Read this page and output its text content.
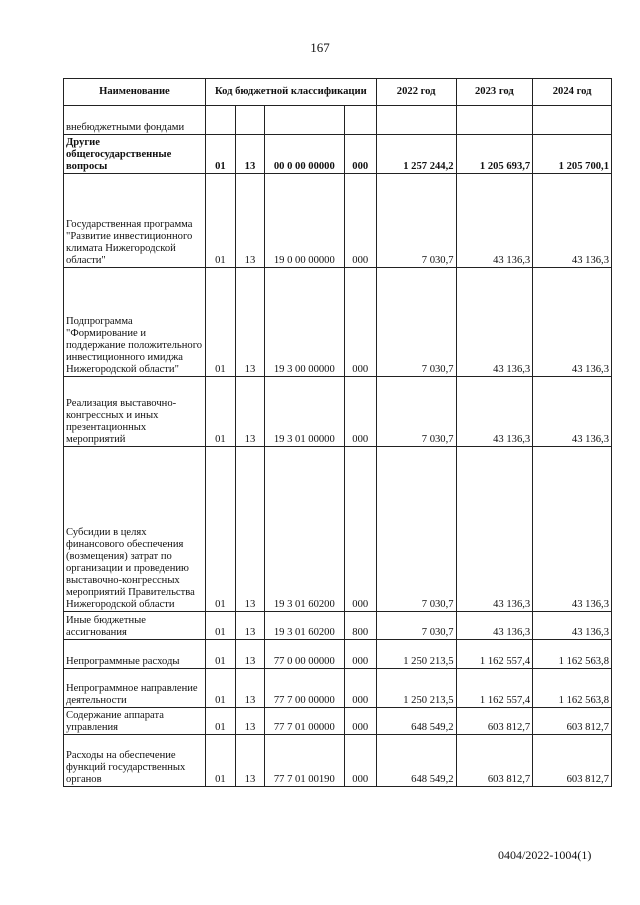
167
Наименование	Код бюджетной классификации				2022 год	2023 год	2024 год
внебюджетными фондами							
Другие общегосударственные вопросы	01	13	00 0 00 00000	000	1 257 244,2	1 205 693,7	1 205 700,1
Государственная программа "Развитие инвестиционного климата Нижегородской области"	01	13	19 0 00 00000	000	7 030,7	43 136,3	43 136,3
Подпрограмма "Формирование и поддержание положительного инвестиционного имиджа Нижегородской области"	01	13	19 3 00 00000	000	7 030,7	43 136,3	43 136,3
Реализация выставочно-конгрессных и иных презентационных мероприятий	01	13	19 3 01 00000	000	7 030,7	43 136,3	43 136,3
Субсидии в целях финансового обеспечения (возмещения) затрат по организации и проведению выставочно-конгрессных мероприятий Правительства Нижегородской области	01	13	19 3 01 60200	000	7 030,7	43 136,3	43 136,3
Иные бюджетные ассигнования	01	13	19 3 01 60200	800	7 030,7	43 136,3	43 136,3
Непрограммные расходы	01	13	77 0 00 00000	000	1 250 213,5	1 162 557,4	1 162 563,8
Непрограммное направление деятельности	01	13	77 7 00 00000	000	1 250 213,5	1 162 557,4	1 162 563,8
Содержание аппарата управления	01	13	77 7 01 00000	000	648 549,2	603 812,7	603 812,7
Расходы на обеспечение функций государственных органов	01	13	77 7 01 00190	000	648 549,2	603 812,7	603 812,7
0404/2022-1004(1)
